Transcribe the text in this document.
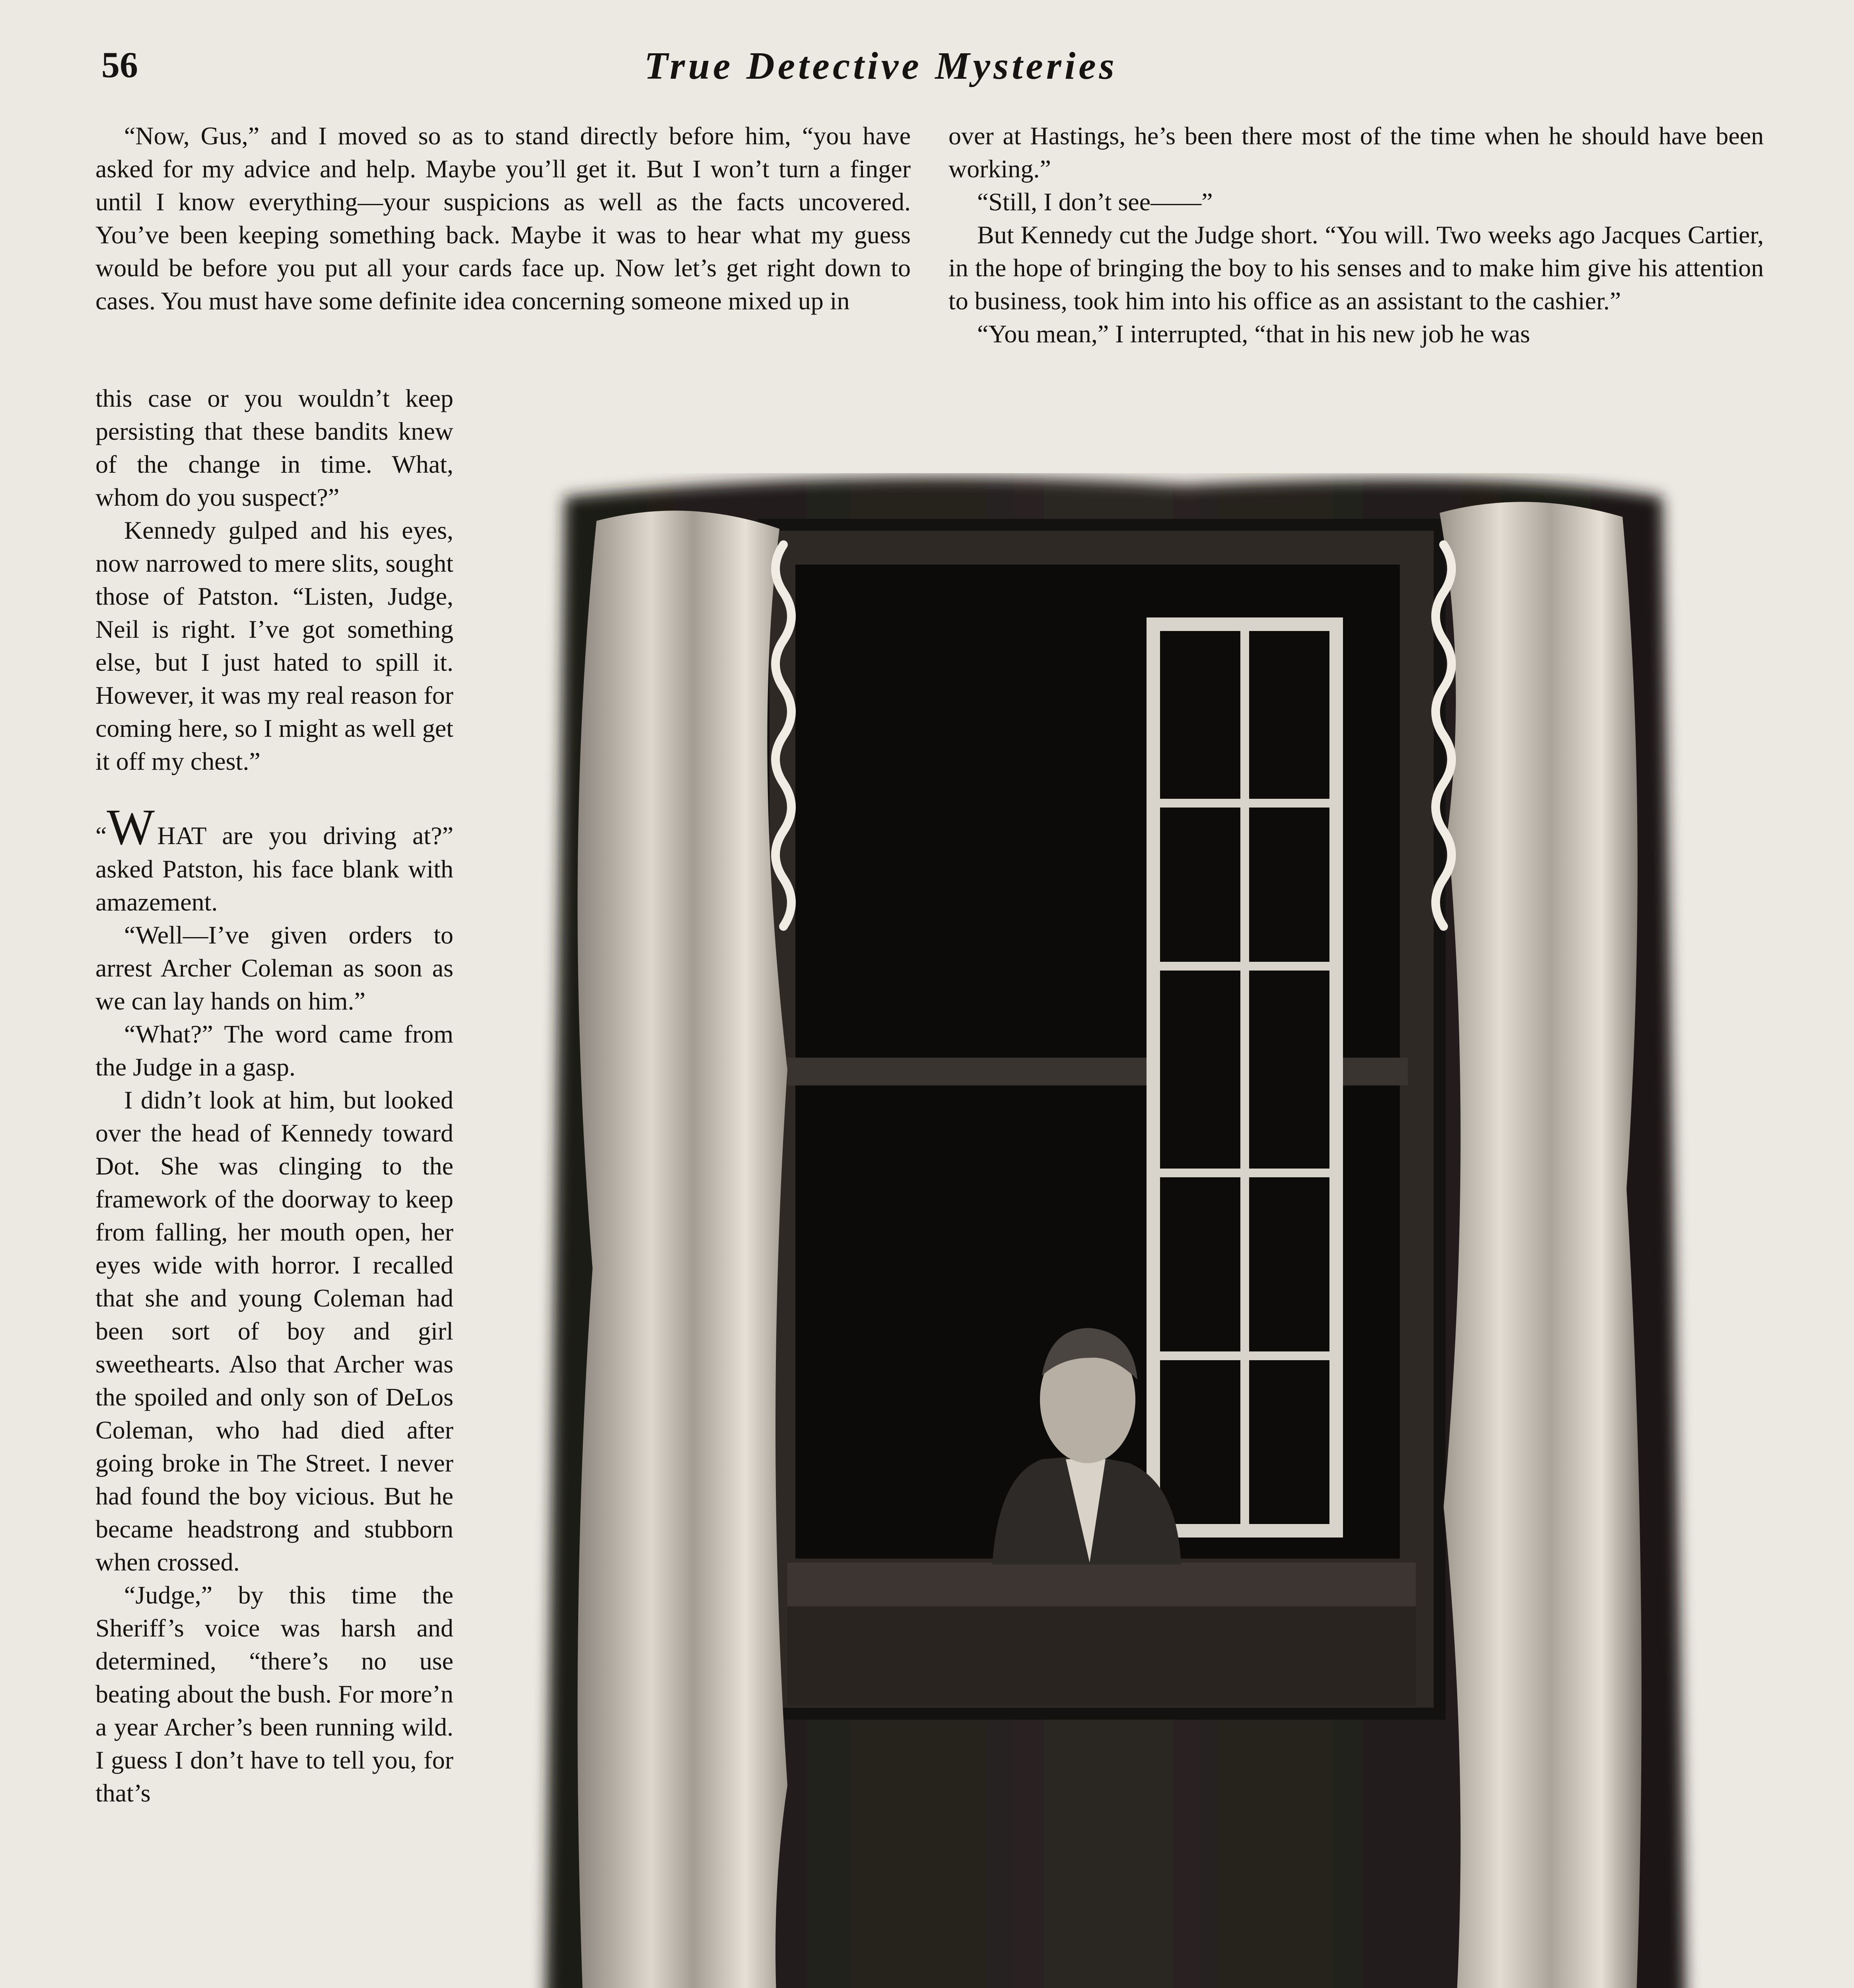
56	True Detective Mysteries

“Now, Gus,” and I moved so as to stand directly before him, “you have asked for my advice and help. Maybe you’ll get it. But I won’t turn a finger until I know everything—your suspicions as well as the facts uncovered. You’ve been keeping something back. Maybe it was to hear what my guess would be before you put all your cards face up. Now let’s get right down to cases. You must have some definite idea concerning someone mixed up in

over at Hastings, he’s been there most of the time when he should have been working.”

“Still, I don’t see——”

But Kennedy cut the Judge short. “You will. Two weeks ago Jacques Cartier, in the hope of bringing the boy to his senses and to make him give his attention to business, took him into his office as an assistant to the cashier.”

“You mean,” I interrupted, “that in his new job he was

this case or you wouldn’t keep persisting that these bandits knew of the change in time. What, whom do you suspect?”

Kennedy gulped and his eyes, now narrowed to mere slits, sought those of Patston. “Listen, Judge, Neil is right. I’ve got something else, but I just hated to spill it. However, it was my real reason for coming here, so I might as well get it off my chest.”

“WHAT are you driving at?” asked Patston, his face blank with amazement.

“Well—I’ve given orders to arrest Archer Coleman as soon as we can lay hands on him.”

“What?” The word came from the Judge in a gasp.

I didn’t look at him, but looked over the head of Kennedy toward Dot. She was clinging to the framework of the doorway to keep from falling, her mouth open, her eyes wide with horror. I recalled that she and young Coleman had been sort of boy and girl sweethearts. Also that Archer was the spoiled and only son of DeLos Coleman, who had died after going broke in The Street. I never had found the boy vicious. But he became headstrong and stubborn when crossed.

“Judge,” by this time the Sheriff’s voice was harsh and determined, “there’s no use beating about the bush. For more’n a year Archer’s been running wild. I guess I don’t have to tell you, for that’s
